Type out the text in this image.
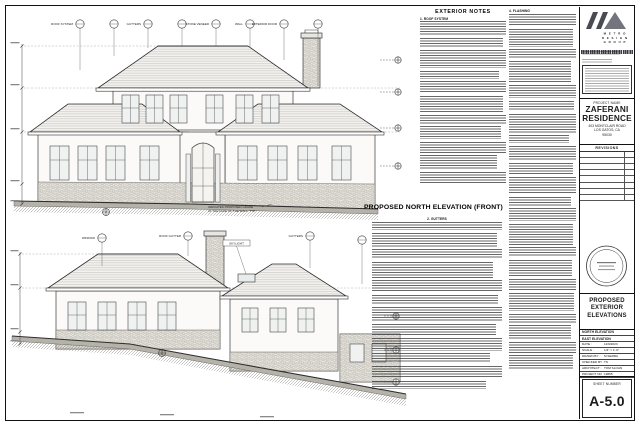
ROOF SYSTEM	GUTTERS	STONE VENEER	WALL	EXTERIOR DOOR
INDICATES PROPOSED GRADE
AT THE FACE OF THE WALL, TYP.
WINDOW	ROOF GUTTER	GUTTERS
SKYLIGHT
EXTERIOR NOTES
1. ROOF SYSTEM
PROPOSED NORTH ELEVATION (FRONT)
2. GUTTERS
4. FLASHING
M E T R O
D E S I G N
G R O U P
PROJECT NAME
ZAFERANI
RESIDENCE
403 MONTCLAIR ROAD
LOS GATOS, CA
95030
REVISIONS
PROPOSED
EXTERIOR
ELEVATIONS
NORTH ELEVATION
EAST ELEVATION
DATE :	11/9/2023
SCALE :	1/4" = 1'-0"
DRAWN BY :	M.SERRA
CHECKED BY : TS
ARCHITECT : TOM SLOAN
PROJECT NO : 19665
SHEET NUMBER
A-5.0
